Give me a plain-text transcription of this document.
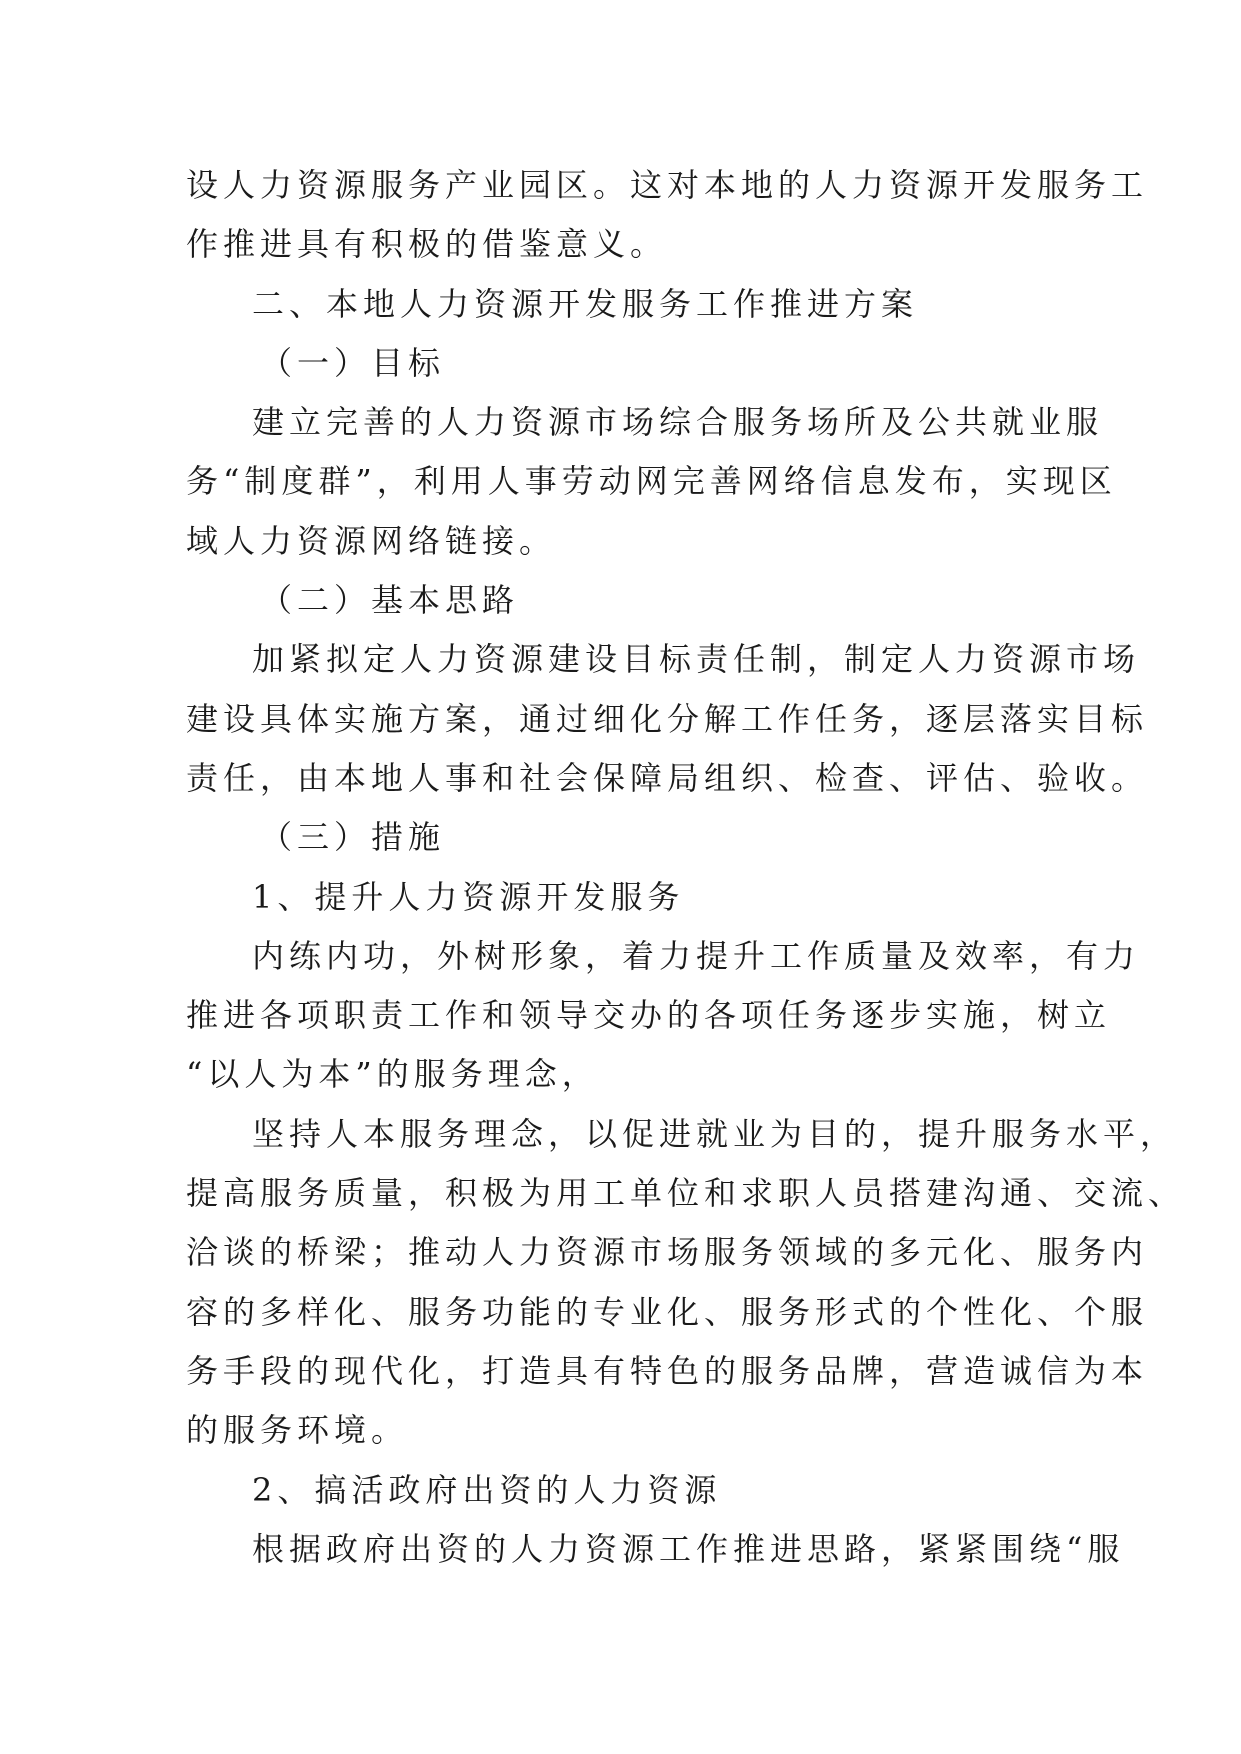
设人力资源服务产业园区。这对本地的人力资源开发服务工
作推进具有积极的借鉴意义。
二、本地人力资源开发服务工作推进方案
（一）目标
建立完善的人力资源市场综合服务场所及公共就业服
务“制度群”，利用人事劳动网完善网络信息发布，实现区
域人力资源网络链接。
（二）基本思路
加紧拟定人力资源建设目标责任制，制定人力资源市场
建设具体实施方案，通过细化分解工作任务，逐层落实目标
责任，由本地人事和社会保障局组织、检查、评估、验收。
（三）措施
1、提升人力资源开发服务
内练内功，外树形象，着力提升工作质量及效率，有力
推进各项职责工作和领导交办的各项任务逐步实施，树立
“以人为本”的服务理念，
坚持人本服务理念，以促进就业为目的，提升服务水平，
提高服务质量，积极为用工单位和求职人员搭建沟通、交流、
洽谈的桥梁；推动人力资源市场服务领域的多元化、服务内
容的多样化、服务功能的专业化、服务形式的个性化、个服
务手段的现代化，打造具有特色的服务品牌，营造诚信为本
的服务环境。
2、搞活政府出资的人力资源
根据政府出资的人力资源工作推进思路，紧紧围绕“服
